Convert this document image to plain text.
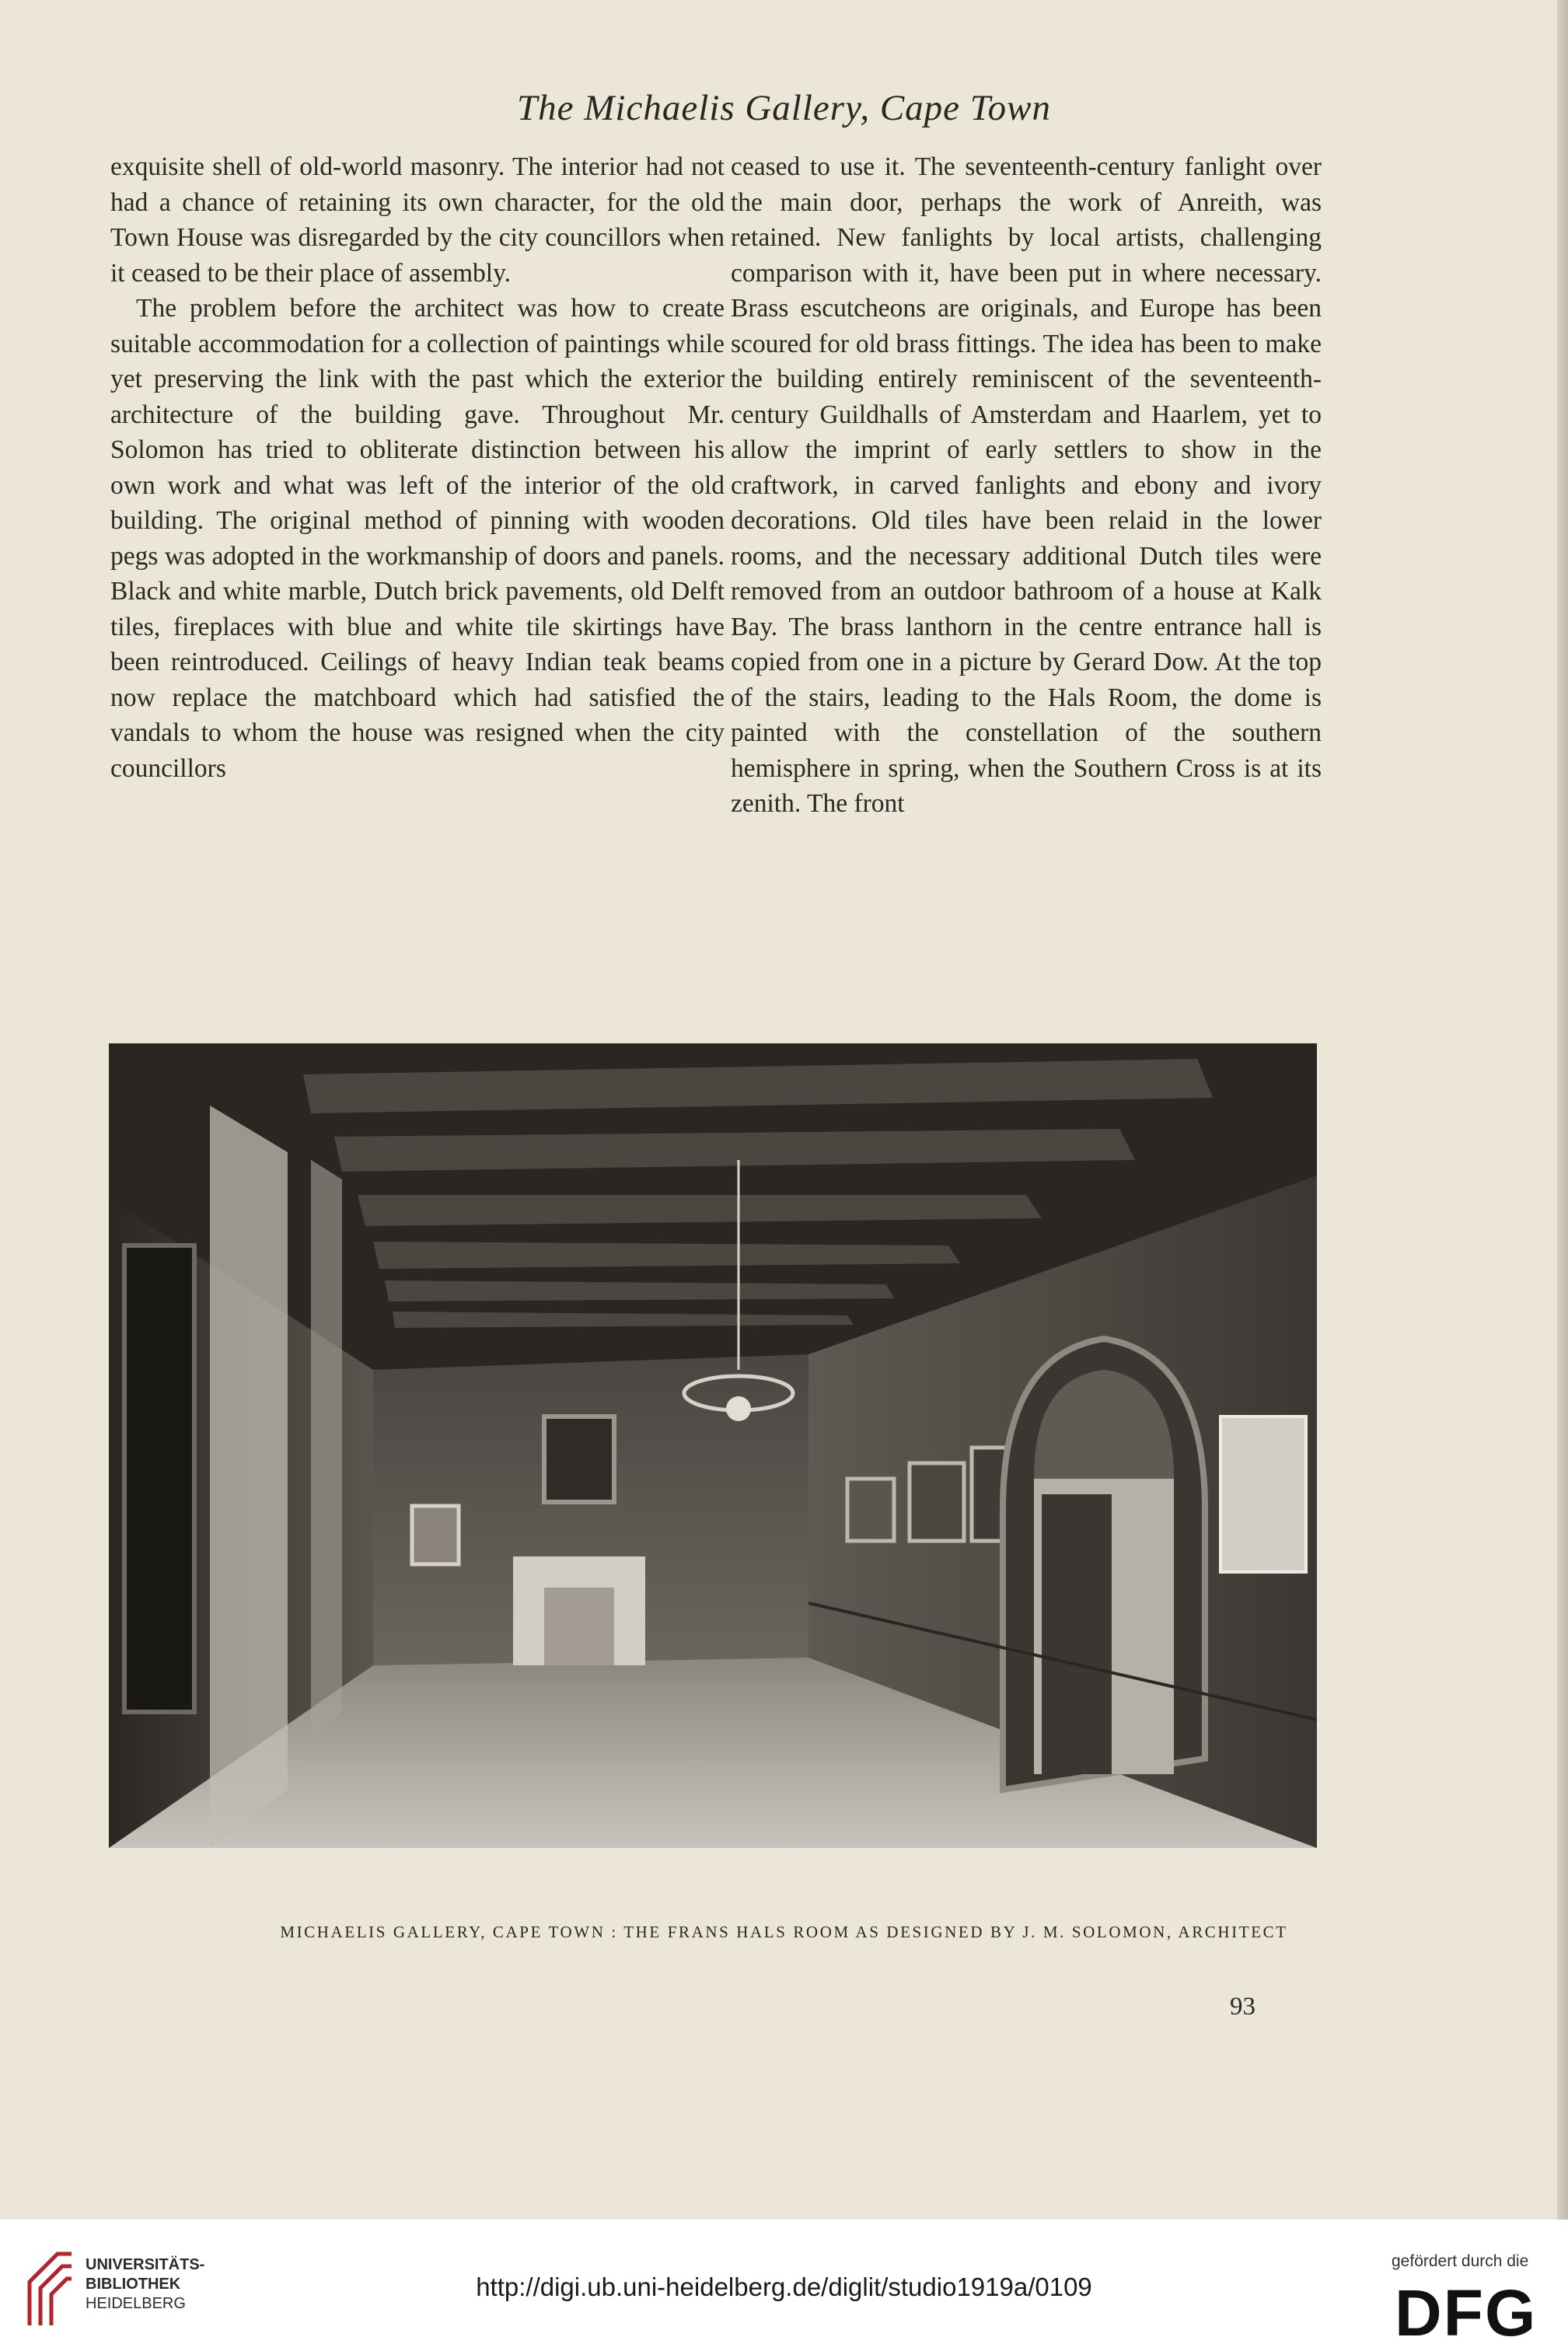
The Michaelis Gallery, Cape Town

exquisite shell of old-world masonry. The interior had not had a chance of retaining its own character, for the old Town House was disregarded by the city councillors when it ceased to be their place of assembly.

The problem before the architect was how to create suitable accommodation for a collection of paintings while yet preserving the link with the past which the exterior architecture of the building gave. Throughout Mr. Solomon has tried to obliterate distinction between his own work and what was left of the interior of the old building. The original method of pinning with wooden pegs was adopted in the workmanship of doors and panels. Black and white marble, Dutch brick pavements, old Delft tiles, fireplaces with blue and white tile skirtings have been reintroduced. Ceilings of heavy Indian teak beams now replace the matchboard which had satisfied the vandals to whom the house was resigned when the city councillors

ceased to use it. The seventeenth-century fanlight over the main door, perhaps the work of Anreith, was retained. New fanlights by local artists, challenging comparison with it, have been put in where necessary. Brass escutcheons are originals, and Europe has been scoured for old brass fittings. The idea has been to make the building entirely reminiscent of the seventeenth-century Guildhalls of Amsterdam and Haarlem, yet to allow the imprint of early settlers to show in the craftwork, in carved fanlights and ebony and ivory decorations. Old tiles have been relaid in the lower rooms, and the necessary additional Dutch tiles were removed from an outdoor bathroom of a house at Kalk Bay. The brass lanthorn in the centre entrance hall is copied from one in a picture by Gerard Dow. At the top of the stairs, leading to the Hals Room, the dome is painted with the constellation of the southern hemisphere in spring, when the Southern Cross is at its zenith. The front

MICHAELIS GALLERY, CAPE TOWN : THE FRANS HALS ROOM AS DESIGNED BY J. M. SOLOMON, ARCHITECT
93
UNIVERSITÄTS-
BIBLIOTHEK
HEIDELBERG
http://digi.ub.uni-heidelberg.de/diglit/studio1919a/0109
gefördert durch die
DFG
